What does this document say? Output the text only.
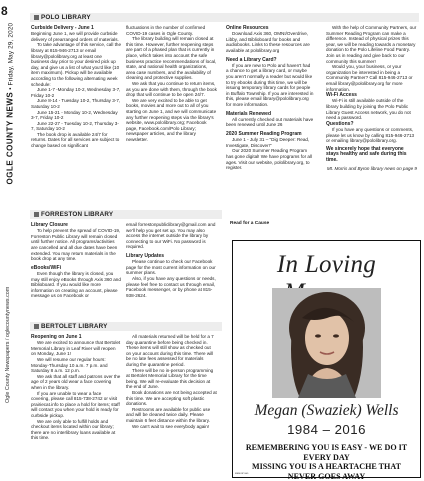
8
OGLE COUNTY NEWS • Friday, May 29, 2020
Ogle County Newspapers / oglecountynews.com
POLO LIBRARY

Curbside Delivery - June 1

Beginning June 1, we will provide curbside delivery of prearranged orders of materials.

To take advantage of this service, call the library at 815-946-2713 or email library@pololibrary.org at least one business day prior to your desired pick up day, and give us a list of what you'd like (10 item maximum). Pickup will be available according to the following alternating week schedule:

June 1-7 -Monday 10-2, Wednesday 3-7, Friday 10-2

June 8-14 - Tuesday 10-2, Thursday 3-7, Saturday 10-2

June 15-21 - Monday 10-2, Wednesday 3-7, Friday 10-2

June 22-27 - Tuesday 10-2, Thursday 3-7, Saturday 10-2

The book drop is available 24/7 for returns. Dates for all services are subject to change based on significant

fluctuations in the number of confirmed COVID-19 cases in Ogle County.

The library building will remain closed at this time. However, further reopening steps are part of a phased plan that is currently in place, which takes into account the safe business practice recommendations of local, state, and national health organizations, area case numbers, and the availability of cleaning and protective supplies.

We ask that you continue to return items, as you are done with them, through the book drop that will continue to be open 24/7.

We are very excited to be able to get books, movies and more out to all of you starting on June 1, and we will communicate any further reopening steps via the library's website, www.pololibrary.org; Facebook page, Facebook.com/Polo Library; newspaper articles, and the library newsletter.

Online Resources

Download Axis 360, OMNI/Overdrive, Libby, and Biblioboard for books and audiobooks. Links to these resources are available at pololibrary.org

Need a Library Card?

If you are new to Polo and haven't had a chance to get a library card, or maybe you aren't normally a reader but would like to try ebooks during this time, we will be issuing temporary library cards for people in Buffalo Township. If you are interested in this, please email library@pololibrary.org for more information.

Materials Renewed

All currently checked out materials have been renewed until June 26

2020 Summer Reading Program

June 1 - July 31 – "Dig Deeper: Read, Investigate, Discover!"

Our 2020 Summer Reading Program has gone digital! We have programs for all ages. Visit our website, pololibrary.org, to register.

With the help of Community Partners, our Summer Reading Program can make a difference. Instead of physical prizes this year, we will be reading towards a monetary donation to the Polo Lifeline Food Pantry. Join us in reading and give back to our community this summer!

Would you, your business, or your organization be interested in being a Community Partner? Call 815-946-2713 or email library@pololibrary.org for more information.

Wi-Fi Access

Wi-Fi is still available outside of the library building by joining the Polo Public Library Guest Access network, you do not need a password.

Questions?

If you have any questions or comments, please let us know by calling 815-946-2713 or emailing library@pololibrary.org.

We sincerely hope that everyone stays healthy and safe during this time.

Mt. Morris and Byron library news on page 9

Read for a Cause
FORRESTON LIBRARY

Library Closure

To help prevent the spread of COVID-19, Forreston Public Library will remain closed until further notice. All programs/activities are cancelled and all due dates have been extended. You may return materials in the book drop at any time.

eBooks/WiFi

Even though the library is closed, you may still enjoy eBooks through Axis 360 and Biblioboard. If you would like more information on creating an account, please message us on Facebook or

email forrestonpubliclibrary@gmail.com and we'll help you get set up. You may also access the internet outside the library by connecting to our WiFi. No password is required.

Library Updates

Please continue to check our Facebook page for the most current information on our summer plans.

Also, if you have any questions or needs, please feel free to contact us through email, Facebook messenger, or by phone at 815-938-2624.

BERTOLET LIBRARY

Reopening on June 1

We are excited to announce that Bertolet Memorial Library in Leaf River will reopen on Monday, June 1!

We will resume our regular hours: Monday-Thursday 10 a.m. 7 p.m. and Saturday 8 a.m. 12 p.m.

We ask that all staff and patrons over the age of 2 years old wear a face covering when in the library.

If you are unable to wear a face covering, please call 815-738-2742 or visit prairiecat.info to place a hold for items; staff will contact you when your hold is ready for curbside pickup.

We are only able to fulfill holds and checkout items located within our library; there are no interlibrary loans available at this time.

All materials returned will be held for a 7 day quarantine before being checked in. These items will still show as checked out on your account during this time. There will be no late fees assessed for materials during the quarantine period.

There will be no in-person programming at Bertolet Memorial Library for the time being. We will re-evaluate this decision at the end of June.

Book donations are not being accepted at this time. We are accepting soft plastic donations.

Restrooms are available for public use and will be cleaned twice daily. Please maintain 6 feet distance within the library.

We can't wait to see everybody again!

In Loving
Megan (Swaziek) Wells
1984 – 2016
REMEMBERING YOU IS EASY - WE DO IT
EVERY DAY
MISSING YOU IS A HEARTACHE THAT
NEVER GOES AWAY
MEMORY AD
